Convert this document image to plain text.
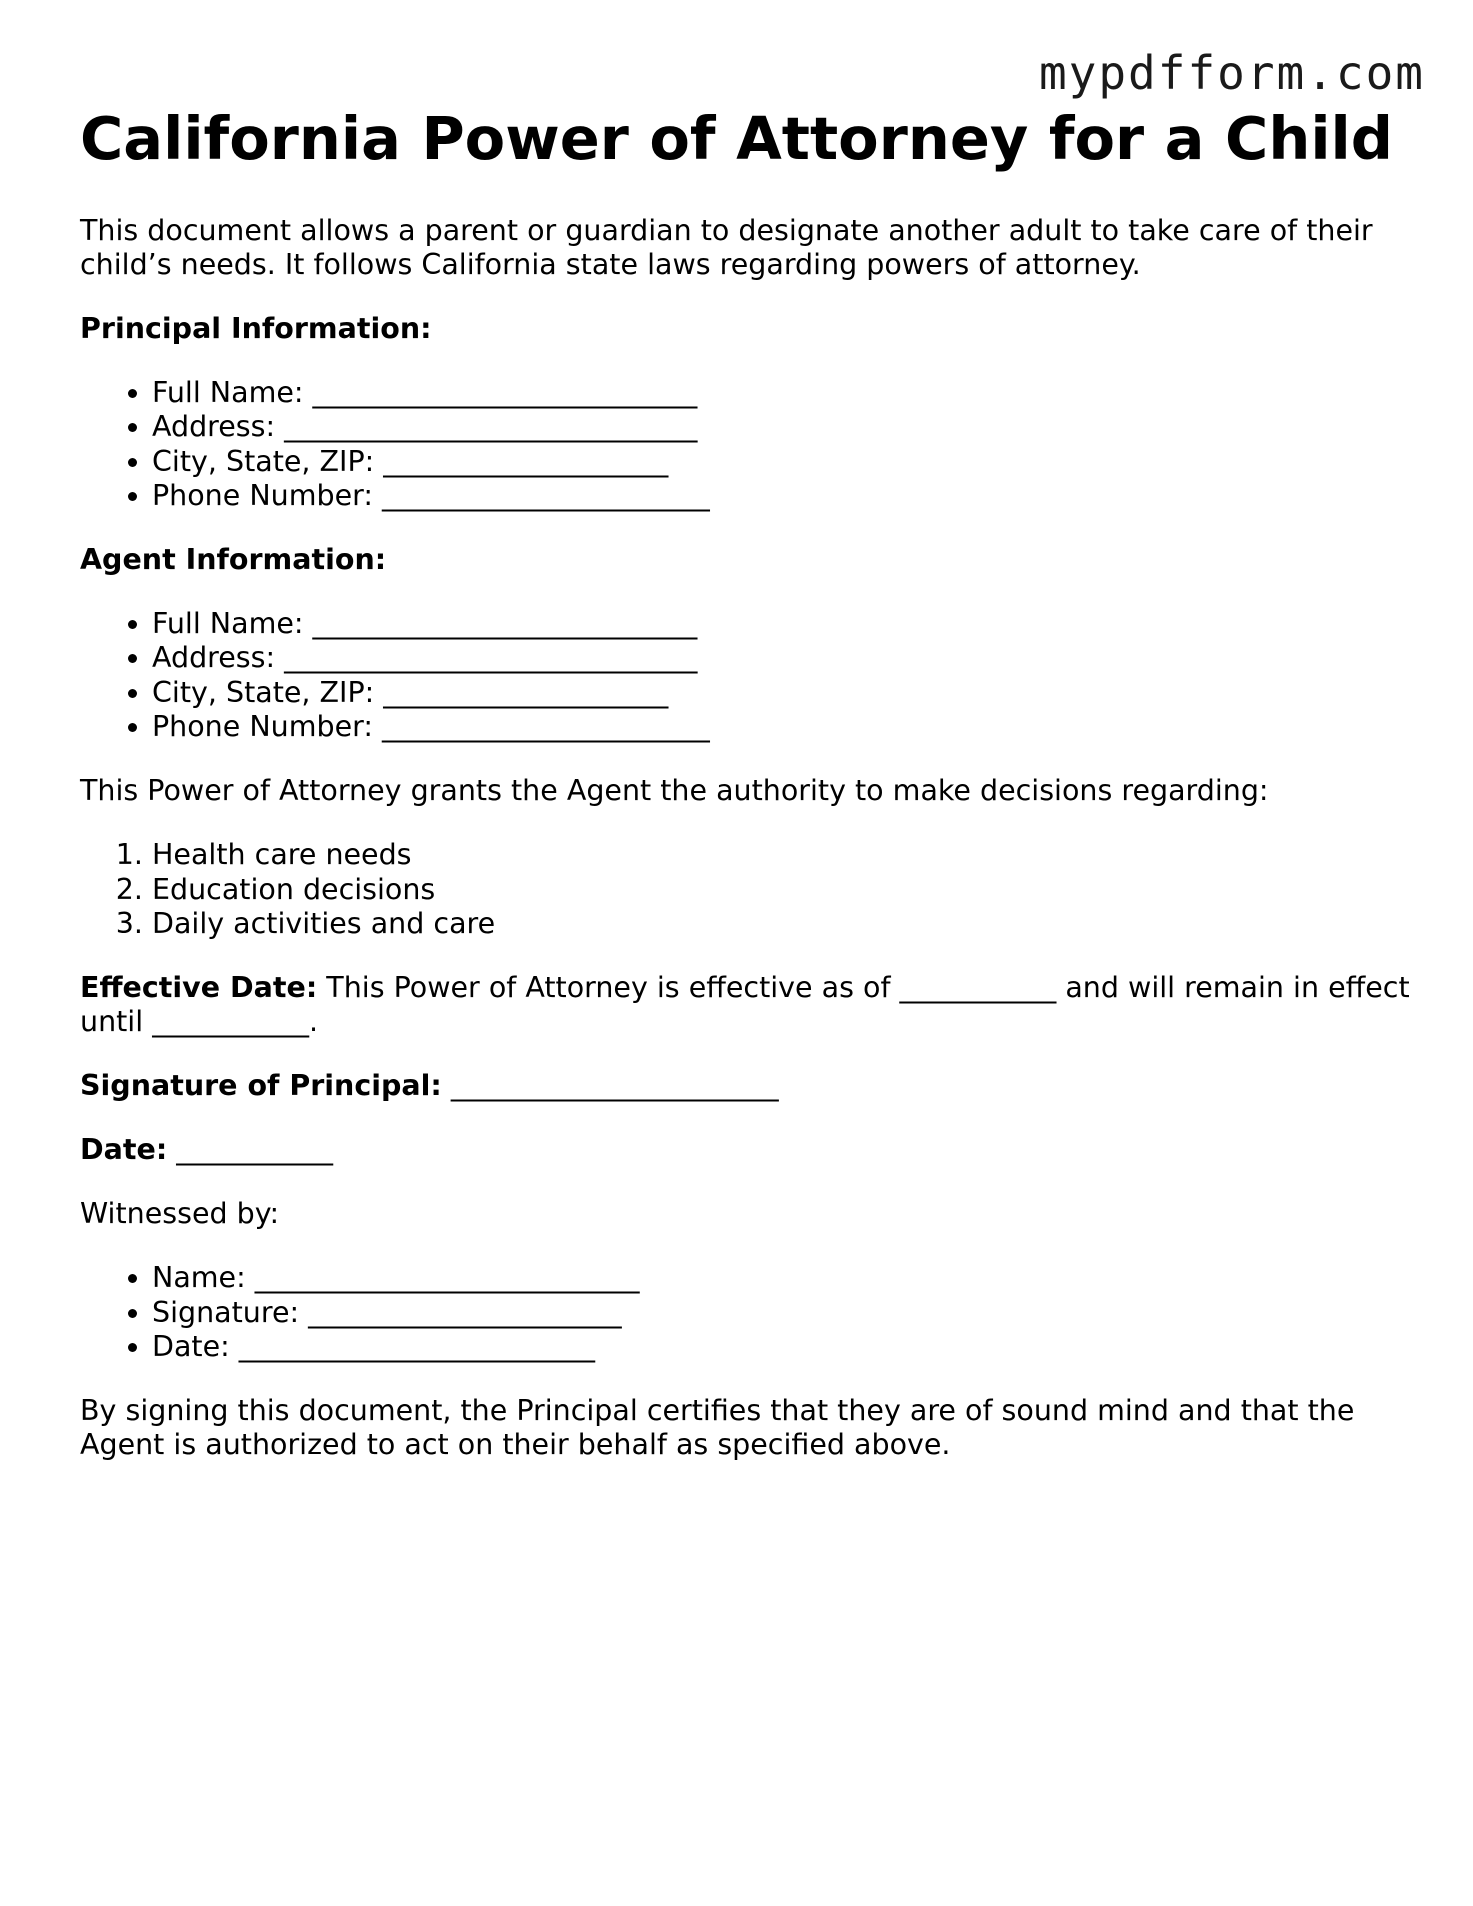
mypdfform.com

California Power of Attorney for a Child

This document allows a parent or guardian to designate another adult to take care of their child’s needs. It follows California state laws regarding powers of attorney.

Principal Information:

• Full Name: ___________________________
• Address: _____________________________
• City, State, ZIP: ____________________
• Phone Number: _______________________

Agent Information:

• Full Name: ___________________________
• Address: _____________________________
• City, State, ZIP: ____________________
• Phone Number: _______________________

This Power of Attorney grants the Agent the authority to make decisions regarding:

1. Health care needs
2. Education decisions
3. Daily activities and care

Effective Date: This Power of Attorney is effective as of ___________ and will remain in effect until ___________.

Signature of Principal: _______________________

Date: ___________

Witnessed by:

• Name: ___________________________
• Signature: ______________________
• Date: _________________________

By signing this document, the Principal certifies that they are of sound mind and that the Agent is authorized to act on their behalf as specified above.
